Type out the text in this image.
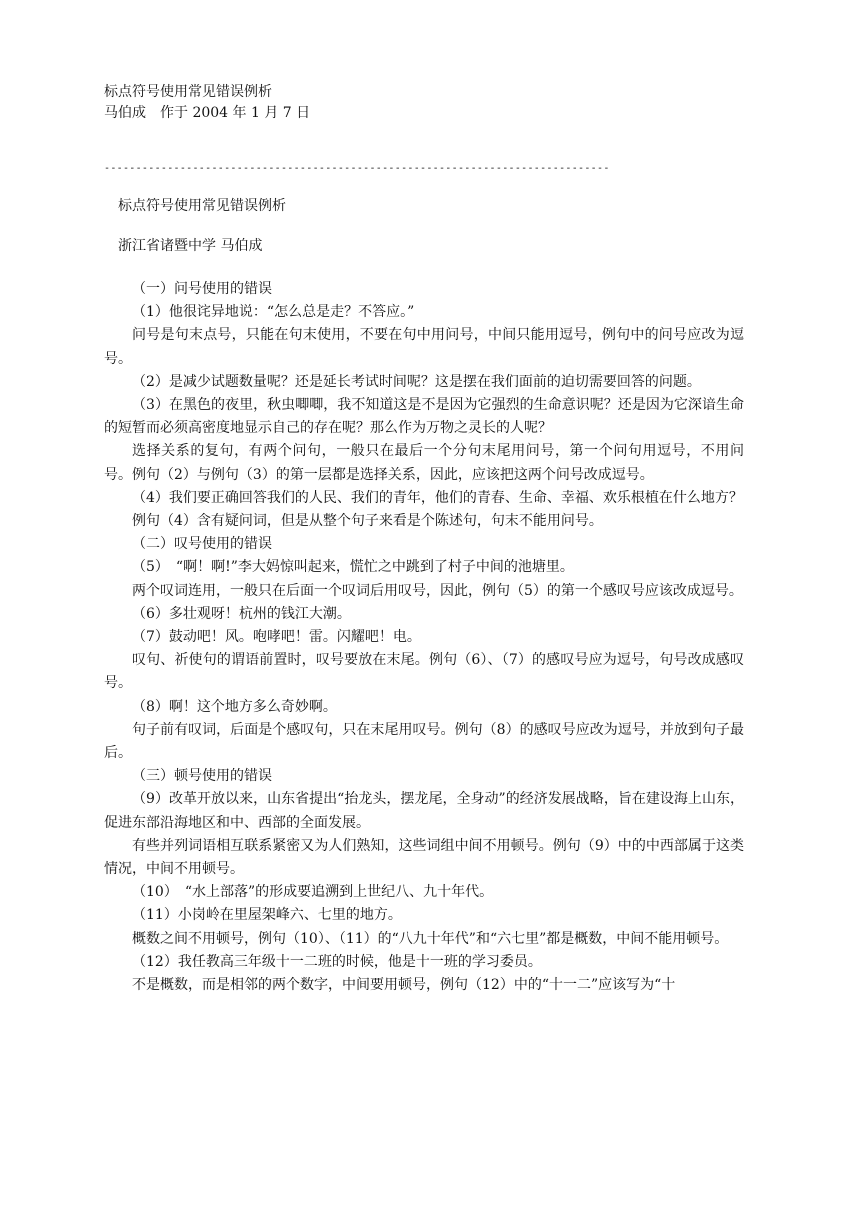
标点符号使用常见错误例析
马伯成　作于 2004 年 1 月 7 日
--------------------------------------------------------------------------------
标点符号使用常见错误例析
浙江省诸暨中学 马伯成

（一）问号使用的错误

（1）他很诧异地说：“怎么总是走？不答应。”

问号是句末点号，只能在句末使用，不要在句中用问号，中间只能用逗号，例句中的问号应改为逗号。

（2）是减少试题数量呢？还是延长考试时间呢？这是摆在我们面前的迫切需要回答的问题。

（3）在黑色的夜里，秋虫唧唧，我不知道这是不是因为它强烈的生命意识呢？还是因为它深谙生命的短暂而必须高密度地显示自己的存在呢？那么作为万物之灵长的人呢？

选择关系的复句，有两个问句，一般只在最后一个分句末尾用问号，第一个问句用逗号，不用问号。例句（2）与例句（3）的第一层都是选择关系，因此，应该把这两个问号改成逗号。

（4）我们要正确回答我们的人民、我们的青年，他们的青春、生命、幸福、欢乐根植在什么地方？

例句（4）含有疑问词，但是从整个句子来看是个陈述句，句末不能用问号。

（二）叹号使用的错误

（5）　“啊！啊!”李大妈惊叫起来，慌忙之中跳到了村子中间的池塘里。

两个叹词连用，一般只在后面一个叹词后用叹号，因此，例句（5）的第一个感叹号应该改成逗号。

（6）多壮观呀！杭州的钱江大潮。

（7）鼓动吧！风。咆哮吧！雷。闪耀吧！电。

叹句、祈使句的谓语前置时，叹号要放在末尾。例句（6）、（7）的感叹号应为逗号，句号改成感叹号。

（8）啊！这个地方多么奇妙啊。

句子前有叹词，后面是个感叹句，只在末尾用叹号。例句（8）的感叹号应改为逗号，并放到句子最后。

（三）顿号使用的错误

（9）改革开放以来，山东省提出“抬龙头，摆龙尾，全身动”的经济发展战略，旨在建设海上山东，促进东部沿海地区和中、西部的全面发展。

有些并列词语相互联系紧密又为人们熟知，这些词组中间不用顿号。例句（9）中的中西部属于这类情况，中间不用顿号。

（10）　“水上部落”的形成要追溯到上世纪八、九十年代。

（11）小岗岭在里屋架峰六、七里的地方。

概数之间不用顿号，例句（10）、（11）的“八九十年代”和“六七里”都是概数，中间不能用顿号。

（12）我任教高三年级十一二班的时候，他是十一班的学习委员。

不是概数，而是相邻的两个数字，中间要用顿号，例句（12）中的“十一二”应该写为“十
